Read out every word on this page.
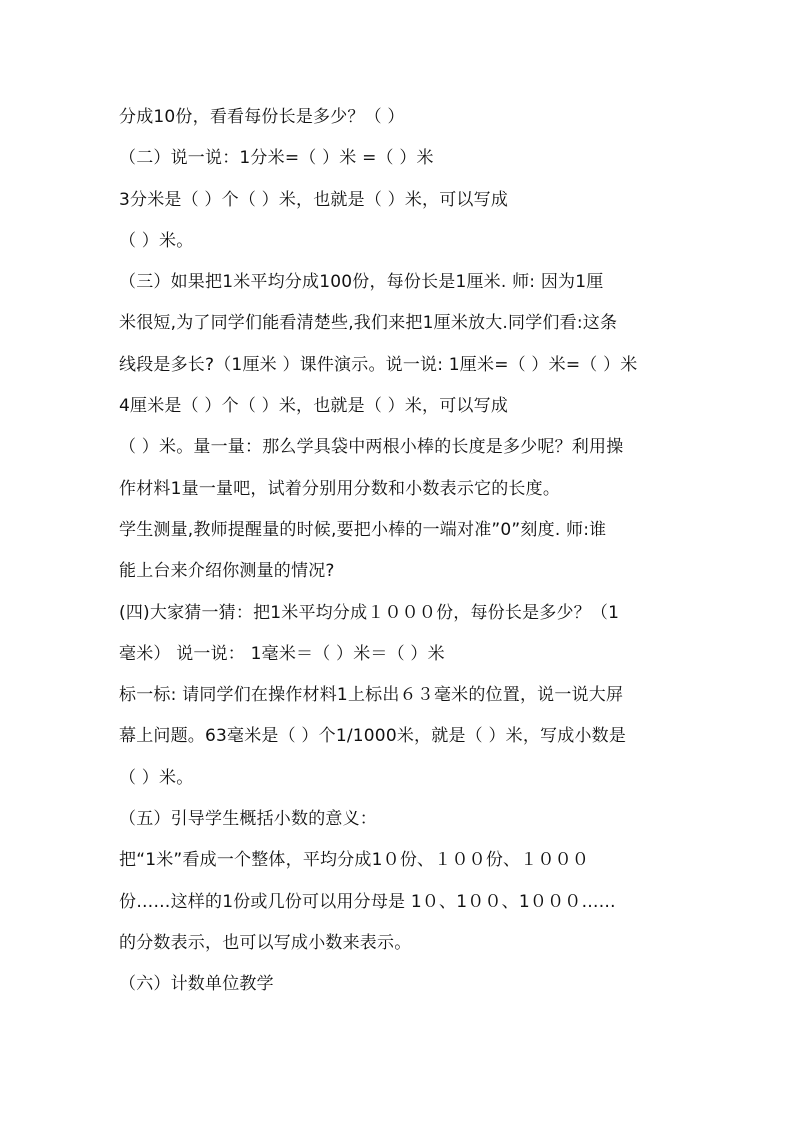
分成10份，看看每份长是多少？（ ）
（二）说一说：1分米=（ ）米 =（ ）米
3分米是（ ）个（ ）米，也就是（ ）米，可以写成
（ ）米。
（三）如果把1米平均分成100份，每份长是1厘米. 师: 因为1厘
米很短,为了同学们能看清楚些,我们来把1厘米放大.同学们看:这条
线段是多长?（1厘米 ）课件演示。说一说: 1厘米=（ ）米=（ ）米
4厘米是（ ）个（ ）米，也就是（ ）米，可以写成
（ ）米。量一量：那么学具袋中两根小棒的长度是多少呢？利用操
作材料1量一量吧，试着分别用分数和小数表示它的长度。
学生测量,教师提醒量的时候,要把小棒的一端对准”0”刻度. 师:谁
能上台来介绍你测量的情况?
(四)大家猜一猜：把1米平均分成１０００份，每份长是多少？（1
毫米） 说一说： 1毫米＝（ ）米＝（ ）米
标一标: 请同学们在操作材料1上标出６３毫米的位置，说一说大屏
幕上问题。63毫米是（ ）个1/1000米，就是（ ）米，写成小数是
（ ）米。
（五）引导学生概括小数的意义：
把“1米”看成一个整体，平均分成1０份、１００份、１０００
份……这样的1份或几份可以用分母是 1０、1００、1０００……
的分数表示，也可以写成小数来表示。
（六）计数单位教学
